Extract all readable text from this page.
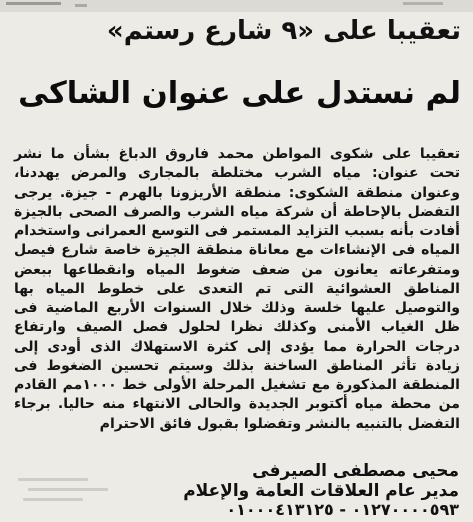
تعقيبا على «٩ شارع رستم»
لم نستدل على عنوان الشاكى

تعقيبا على شكوى المواطن محمد فاروق الدباغ بشأن ما نشر تحت عنوان: مياه الشرب مختلطة بالمجارى والمرض يهددنا، وعنوان منطقة الشكوى: منطقة الأريزونا بالهرم - جيزة. يرجى التفضل بالإحاطة أن شركة مياه الشرب والصرف الصحى بالجيزة أفادت بأنه بسبب التزايد المستمر فى التوسع العمرانى واستخدام المياه فى الإنشاءات مع معاناة منطقة الجيزة خاصة شارع فيصل ومتفرعاته يعانون من ضعف ضغوط المياه وانقطاعها ببعض المناطق العشوائية التى تم التعدى على خطوط المياه بها والتوصيل عليها خلسة وذلك خلال السنوات الأربع الماضية فى ظل الغياب الأمنى وكذلك نظرا لحلول فصل الصيف وارتفاع درجات الحرارة مما يؤدى إلى كثرة الاستهلاك الذى أودى إلى زيادة تأثر المناطق الساخنة بذلك وسيتم تحسين الضغوط فى المنطقة المذكورة مع تشغيل المرحلة الأولى خط ١٠٠٠مم القادم من محطة مياه أكتوبر الجديدة والحالى الانتهاء منه حاليا. برجاء التفضل بالتنبيه بالنشر وتفضلوا بقبول فائق الاحترام

محيى مصطفى الصيرفى
مدير عام العلاقات العامة والإعلام
٠١٢٧٠٠٠٠٥٩٣ - ٠١٠٠٠٤١٣١٢٥
